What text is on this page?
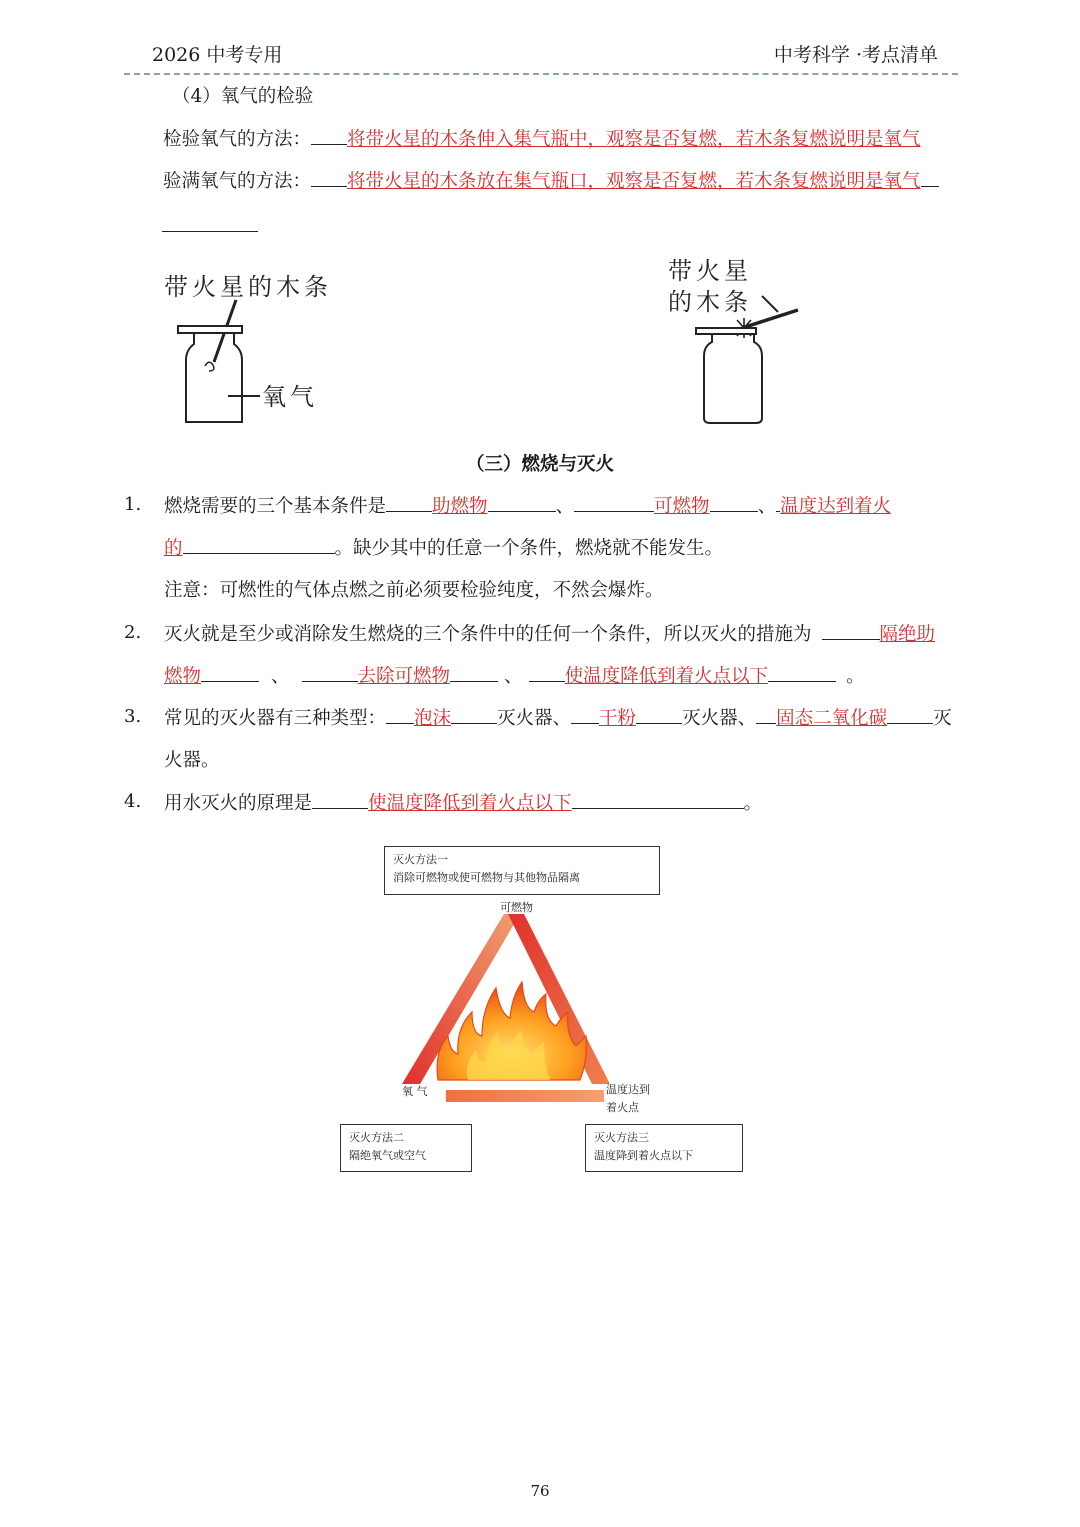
2026 中考专用	中考科学 ·考点清单
（4）氧气的检验
检验氧气的方法： 将带火星的木条伸入集气瓶中，观察是否复燃，若木条复燃说明是氧气
验满氧气的方法： 将带火星的木条放在集气瓶口，观察是否复燃，若木条复燃说明是氧气
带火星的木条
氧气
带火星
的木条
（三）燃烧与灭火
1. 燃烧需要的三个基本条件是 助燃物	、	可燃物	、 温度达到着火
的	。缺少其中的任意一个条件，燃烧就不能发生。
注意：可燃性的气体点燃之前必须要检验纯度，不然会爆炸。
2. 灭火就是至少或消除发生燃烧的三个条件中的任何一个条件，所以灭火的措施为	隔绝助
燃物	、	去除可燃物	、 使温度降低到着火点以下	。
3. 常见的灭火器有三种类型： 泡沫 灭火器、 干粉 灭火器、 固态二氧化碳 灭
火器。
4. 用水灭火的原理是	使温度降低到着火点以下	。
灭火方法一
消除可燃物或使可燃物与其他物品隔离
可燃物
氧 气	温度达到
着火点
灭火方法二
隔绝氧气或空气
灭火方法三
温度降到着火点以下
76
